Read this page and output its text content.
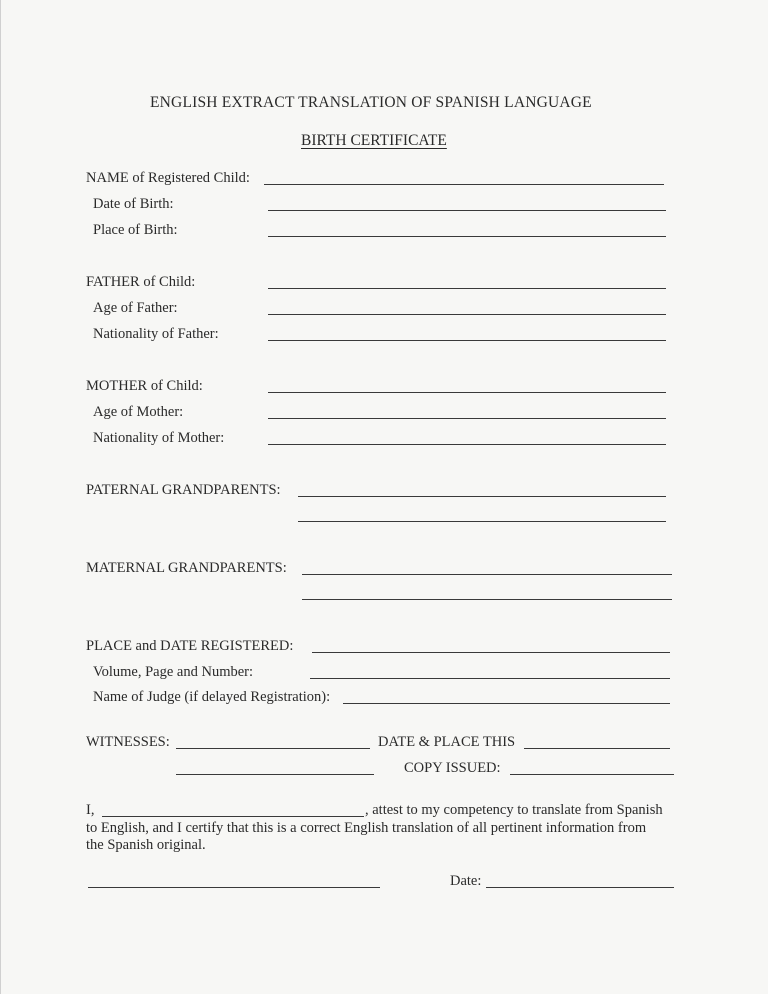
ENGLISH EXTRACT TRANSLATION OF SPANISH LANGUAGE
BIRTH CERTIFICATE
NAME of Registered Child:
Date of Birth:
Place of Birth:
FATHER of Child:
Age of Father:
Nationality of Father:
MOTHER of Child:
Age of Mother:
Nationality of Mother:
PATERNAL GRANDPARENTS:
MATERNAL GRANDPARENTS:
PLACE and DATE REGISTERED:
Volume, Page and Number:
Name of Judge (if delayed Registration):
WITNESSES:	DATE & PLACE THIS
COPY ISSUED:
I,	, attest to my competency to translate from Spanish
to English, and I certify that this is a correct English translation of all pertinent information from
the Spanish original.
Date:
